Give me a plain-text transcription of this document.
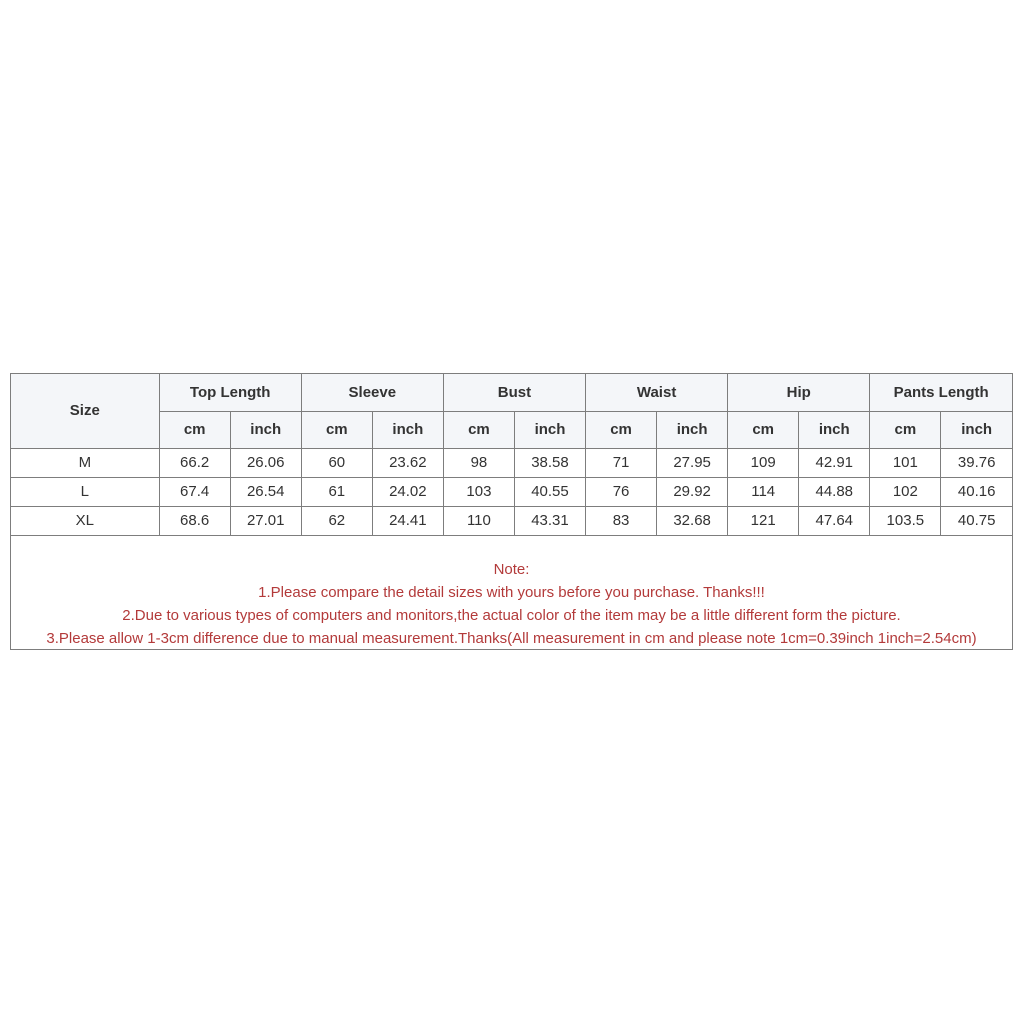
Size	Top Length		Sleeve		Bust		Waist		Hip		Pants Length	
	cm	inch	cm	inch	cm	inch	cm	inch	cm	inch	cm	inch
M	66.2	26.06	60	23.62	98	38.58	71	27.95	109	42.91	101	39.76
L	67.4	26.54	61	24.02	103	40.55	76	29.92	114	44.88	102	40.16
XL	68.6	27.01	62	24.41	110	43.31	83	32.68	121	47.64	103.5	40.75
Note:
1.Please compare the detail sizes with yours before you purchase. Thanks!!!
2.Due to various types of computers and monitors,the actual color of the item may be a little different form the picture.
3.Please allow 1-3cm difference due to manual measurement.Thanks(All measurement in cm and please note 1cm=0.39inch 1inch=2.54cm)
